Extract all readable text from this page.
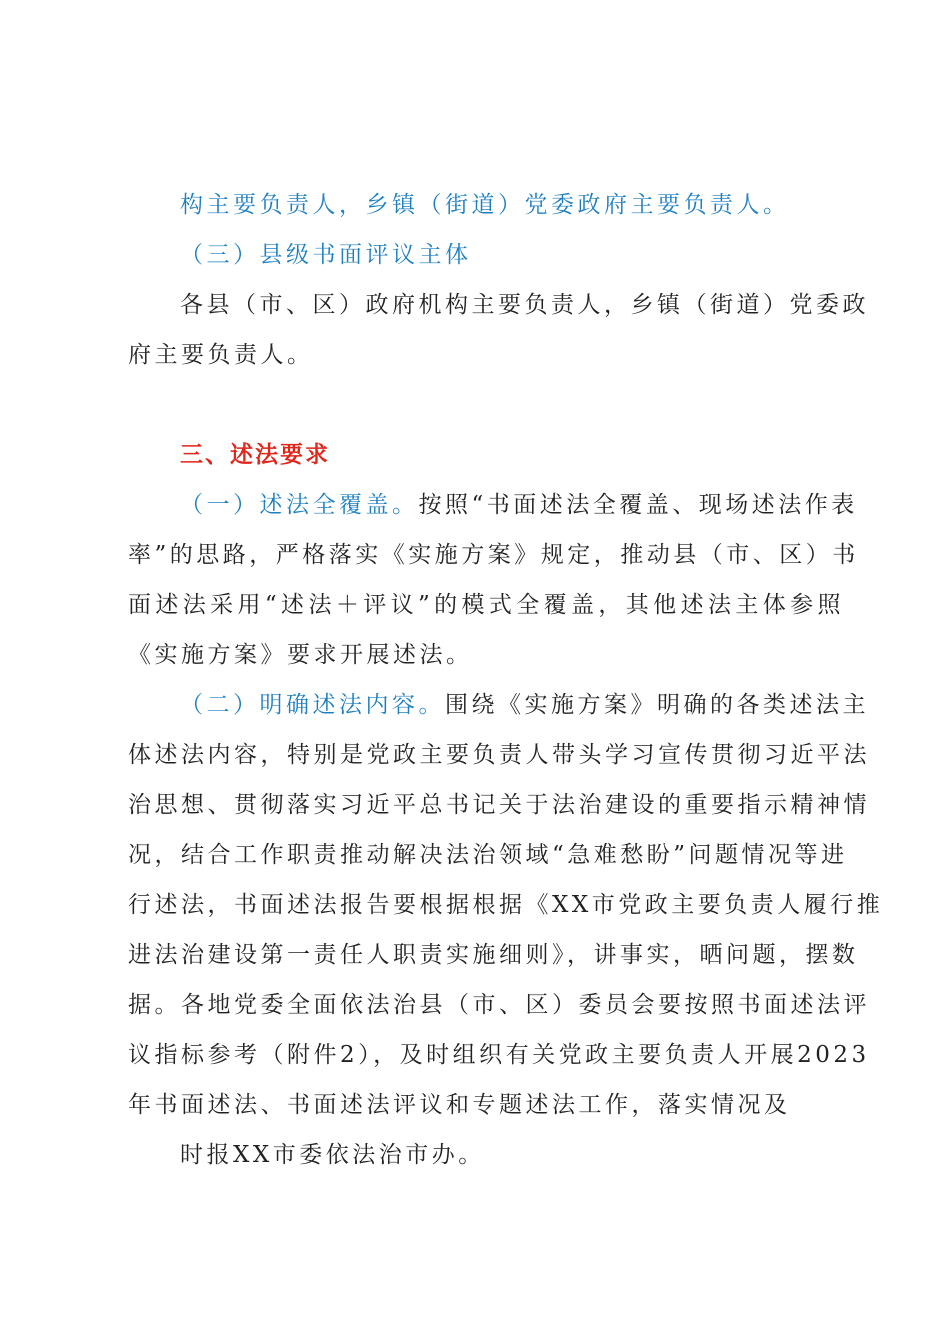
构主要负责人，乡镇（街道）党委政府主要负责人。
（三）县级书面评议主体
各县（市、区）政府机构主要负责人，乡镇（街道）党委政
府主要负责人。
三、述法要求
（一）述法全覆盖。按照“书面述法全覆盖、现场述法作表
率”的思路，严格落实《实施方案》规定，推动县（市、区）书
面述法采用“述法＋评议”的模式全覆盖，其他述法主体参照
《实施方案》要求开展述法。
（二）明确述法内容。围绕《实施方案》明确的各类述法主
体述法内容，特别是党政主要负责人带头学习宣传贯彻习近平法
治思想、贯彻落实习近平总书记关于法治建设的重要指示精神情
况，结合工作职责推动解决法治领域“急难愁盼”问题情况等进
行述法，书面述法报告要根据根据《XX市党政主要负责人履行推
进法治建设第一责任人职责实施细则》，讲事实，晒问题，摆数
据。各地党委全面依法治县（市、区）委员会要按照书面述法评
议指标参考（附件2），及时组织有关党政主要负责人开展2023
年书面述法、书面述法评议和专题述法工作，落实情况及
时报XX市委依法治市办。
